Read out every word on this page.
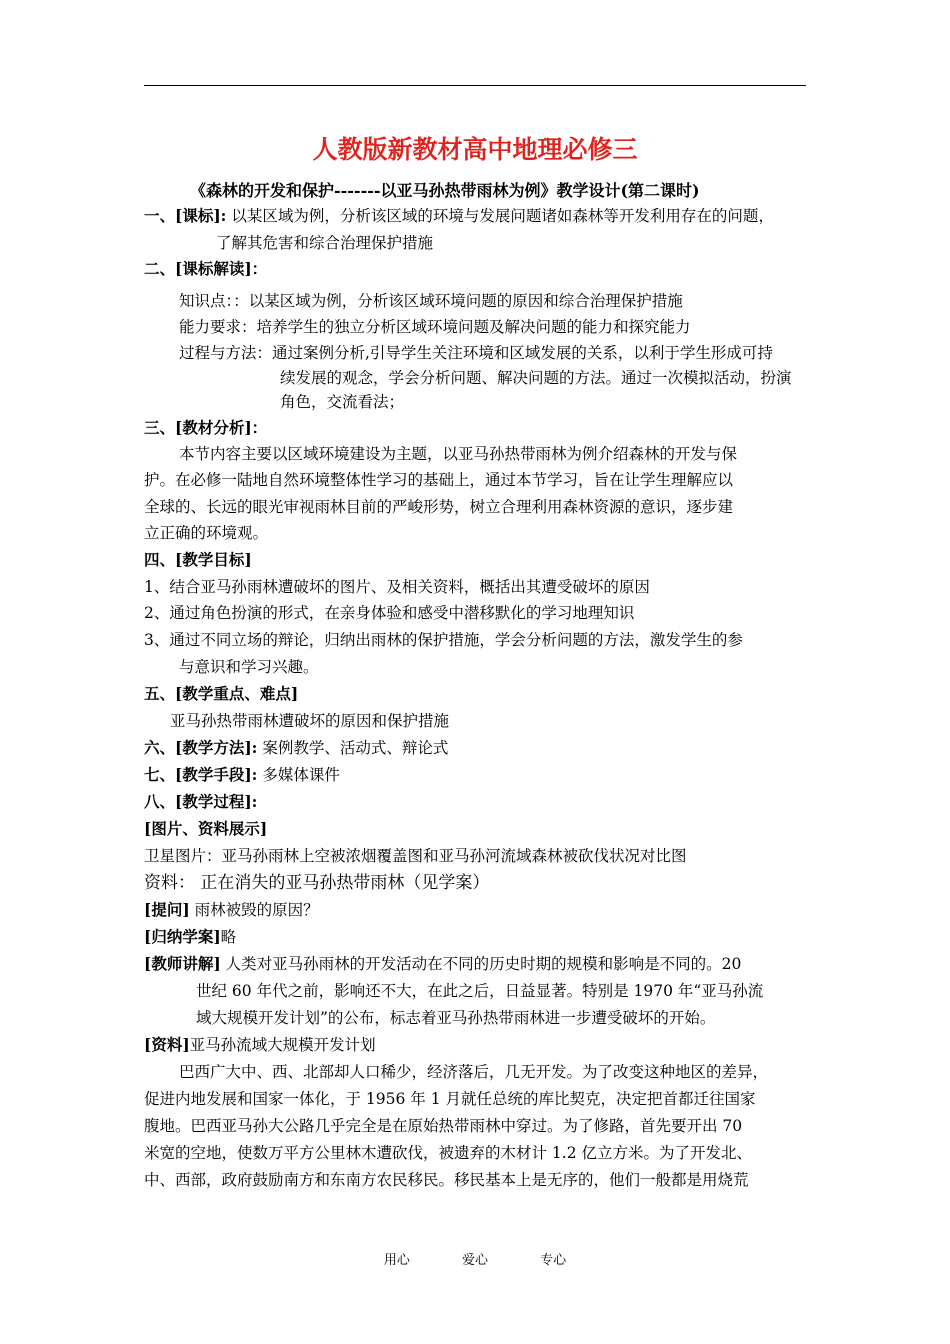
人教版新教材高中地理必修三
《森林的开发和保护-------以亚马孙热带雨林为例》教学设计(第二课时)
一、[课标]: 以某区域为例，分析该区域的环境与发展问题诸如森林等开发利用存在的问题，
了解其危害和综合治理保护措施
二、[课标解读]：
知识点：：以某区域为例，分析该区域环境问题的原因和综合治理保护措施
能力要求：培养学生的独立分析区域环境问题及解决问题的能力和探究能力
过程与方法：通过案例分析,引导学生关注环境和区域发展的关系，以利于学生形成可持
续发展的观念，学会分析问题、解决问题的方法。通过一次模拟活动，扮演
角色，交流看法；
三、[教材分析]：
本节内容主要以区域环境建设为主题，以亚马孙热带雨林为例介绍森林的开发与保
护。在必修一陆地自然环境整体性学习的基础上，通过本节学习，旨在让学生理解应以
全球的、长远的眼光审视雨林目前的严峻形势，树立合理利用森林资源的意识，逐步建
立正确的环境观。
四、[教学目标]
1、结合亚马孙雨林遭破坏的图片、及相关资料，概括出其遭受破坏的原因
2、通过角色扮演的形式，在亲身体验和感受中潜移默化的学习地理知识
3、通过不同立场的辩论，归纳出雨林的保护措施，学会分析问题的方法，激发学生的参
与意识和学习兴趣。
五、[教学重点、难点]
亚马孙热带雨林遭破坏的原因和保护措施
六、[教学方法]: 案例教学、活动式、辩论式
七、[教学手段]: 多媒体课件
八、[教学过程]:
[图片、资料展示]
卫星图片：亚马孙雨林上空被浓烟覆盖图和亚马孙河流域森林被砍伐状况对比图
资料： 正在消失的亚马孙热带雨林（见学案）
[提问] 雨林被毁的原因？
[归纳学案]略
[教师讲解] 人类对亚马孙雨林的开发活动在不同的历史时期的规模和影响是不同的。20
世纪 60 年代之前，影响还不大，在此之后，日益显著。特别是 1970 年“亚马孙流
域大规模开发计划”的公布，标志着亚马孙热带雨林进一步遭受破坏的开始。
[资料]亚马孙流域大规模开发计划
巴西广大中、西、北部却人口稀少，经济落后，几无开发。为了改变这种地区的差异，
促进内地发展和国家一体化，于 1956 年 1 月就任总统的库比契克，决定把首都迁往国家
腹地。巴西亚马孙大公路几乎完全是在原始热带雨林中穿过。为了修路，首先要开出 70
米宽的空地，使数万平方公里林木遭砍伐，被遗弃的木材计 1.2 亿立方米。为了开发北、
中、西部，政府鼓励南方和东南方农民移民。移民基本上是无序的，他们一般都是用烧荒
用心	爱心	专心
